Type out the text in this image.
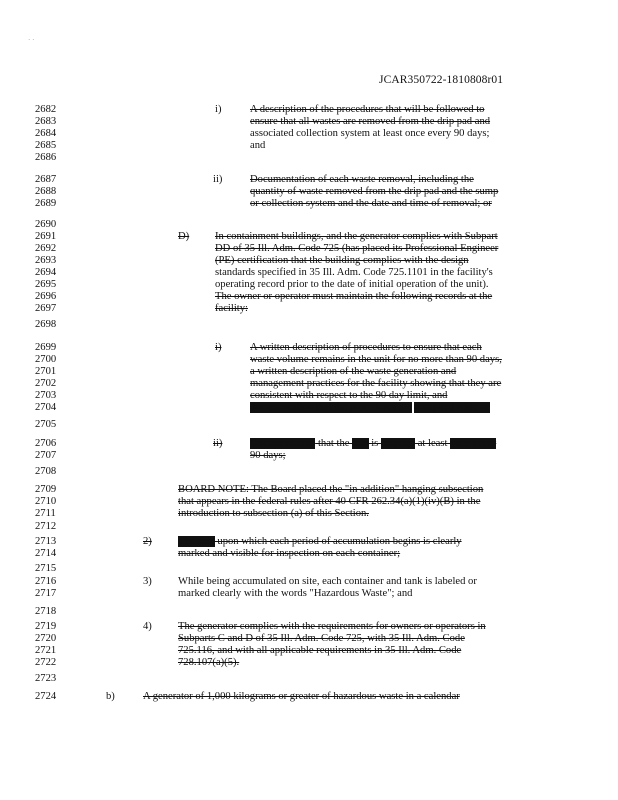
· ·
JCAR350722-1810808r01
2682
2683
2684
2685
2686
2687
2688
2689
2690
2691
2692
2693
2694
2695
2696
2697
2698
2699
2700
2701
2702
2703
2704
2705
2706
2707
2708
2709
2710
2711
2712
2713
2714
2715
2716
2717
2718
2719
2720
2721
2722
2723
2724
i)
ii)
D)
i)
ii)
2)
3)
4)
b)
A description of the procedures that will be followed to
ensure that all wastes are removed from the drip pad and
associated collection system at least once every 90 days;
and
Documentation of each waste removal, including the
quantity of waste removed from the drip pad and the sump
or collection system and the date and time of removal; or
In containment buildings, and the generator complies with Subpart
DD of 35 Ill. Adm. Code 725 (has placed its Professional Engineer
(PE) certification that the building complies with the design
standards specified in 35 Ill. Adm. Code 725.1101 in the facility's
operating record prior to the date of initial operation of the unit).
The owner or operator must maintain the following records at the
facility:
A written description of procedures to ensure that each
waste volume remains in the unit for no more than 90 days,
a written description of the waste generation and
management practices for the facility showing that they are
consistent with respect to the 90 day limit, and
documentation that the procedures are complied with; or
Documentation that the unit is emptied at least once every
90 days;
BOARD NOTE: The Board placed the "in addition" hanging subsection
that appears in the federal rules after 40 CFR 262.34(a)(1)(iv)(B) in the
introduction to subsection (a) of this Section.
The date upon which each period of accumulation begins is clearly
marked and visible for inspection on each container;
While being accumulated on site, each container and tank is labeled or
marked clearly with the words "Hazardous Waste"; and
The generator complies with the requirements for owners or operators in
Subparts C and D of 35 Ill. Adm. Code 725, with 35 Ill. Adm. Code
725.116, and with all applicable requirements in 35 Ill. Adm. Code
728.107(a)(5).
A generator of 1,000 kilograms or greater of hazardous waste in a calendar
